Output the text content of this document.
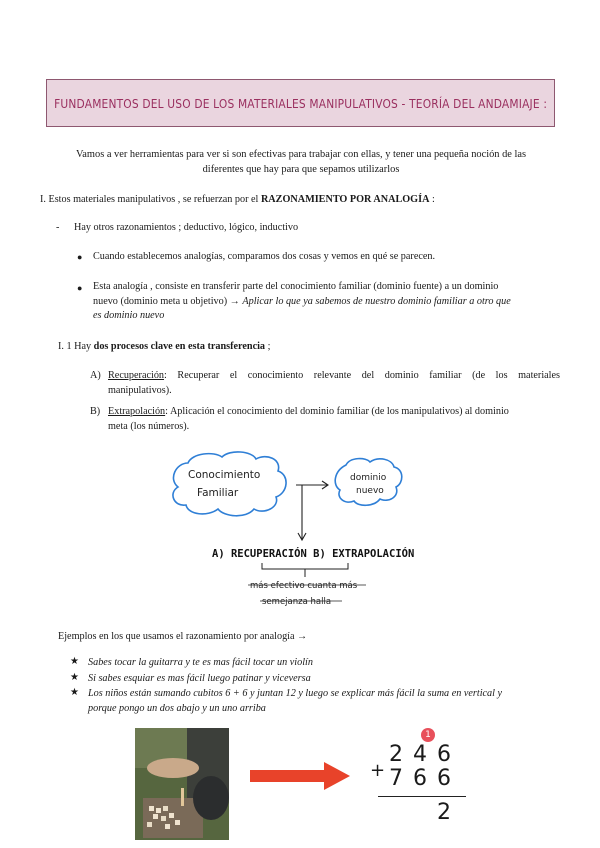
FUNDAMENTOS DEL USO DE LOS MATERIALES MANIPULATIVOS - TEORÍA DEL ANDAMIAJE :
Vamos a ver herramientas para ver si son efectivas para trabajar con ellas, y tener una pequeña noción de las
diferentes que hay para que sepamos utilizarlos
I. Estos materiales manipulativos , se refuerzan por el RAZONAMIENTO POR ANALOGÍA :
- Hay otros razonamientos ; deductivo, lógico, inductivo
● Cuando establecemos analogías, comparamos dos cosas y vemos en qué se parecen.
● Esta analogía , consiste en transferir parte del conocimiento familiar (dominio fuente) a un dominio
nuevo (dominio meta u objetivo) → Aplicar lo que ya sabemos de nuestro dominio familiar a otro que
es dominio nuevo
I. 1 Hay dos procesos clave en esta transferencia ;
A) Recuperación: Recuperar el conocimiento relevante del dominio familiar (de los materiales
manipulativos).
B) Extrapolación: Aplicación el conocimiento del dominio familiar (de los manipulativos) al dominio
meta (los números).
Conocimiento
Familiar
dominio
nuevo
A) RECUPERACIÓN B) EXTRAPOLACIÓN
más efectivo cuanta más
semejanza halla
Ejemplos en los que usamos el razonamiento por analogía →
★ Sabes tocar la guitarra y te es mas fácil tocar un violín
★ Si sabes esquiar es mas fácil luego patinar y viceversa
★ Los niños están sumando cubitos 6 + 6 y juntan 12 y luego se explicar más fácil la suma en vertical y
porque pongo un dos abajo y un uno arriba
1
+
2 4 6
7 6 6
2
